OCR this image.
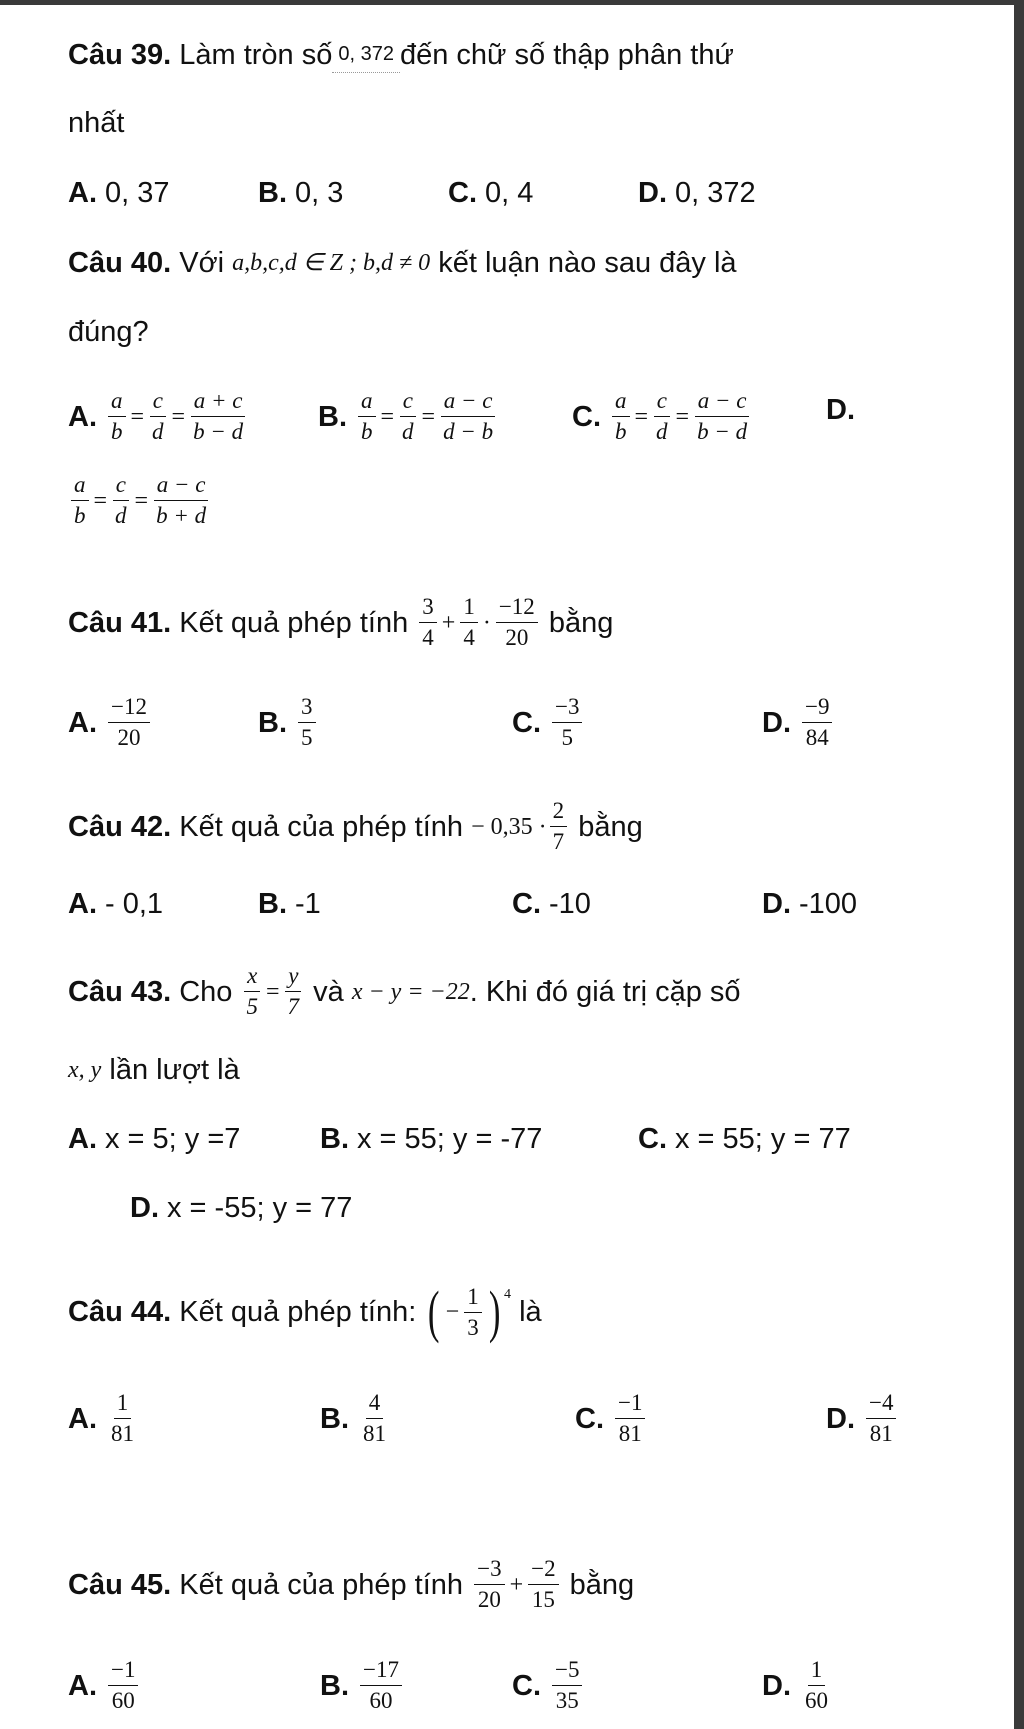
Câu 39.
Làm tròn số 0, 372 đến chữ số thập phân thứ
nhất
A. 0, 37	B. 0, 3	C. 0, 4	D. 0, 372
Câu 40.
Với
a,b,c,d ∈ Z ; b,d ≠ 0
kết luận nào sau đây là
đúng?
A. $\frac{a}{b} = \frac{c}{d} = \frac{a + c}{b - d} B$. $\frac{a}{b} = \frac{c}{d} = \frac{a - c}{d - b}$	C. $\frac{a}{b} = \frac{c}{d} = \frac{a - c}{b - d}$	D.
$\frac{a}{b} = \frac{c}{d} = \frac{a - c}{b + d}$
Câu 41.
Kết quả phép tính
$\frac{3}{4} + \frac{1}{4} \cdot \frac{-12}{20}$
bằng
A. $\frac{-12}{20}$	B. $\frac{3}{5}$	C. $\frac{-3}{5}$	D. $\frac{-9}{84}$
Câu 42.
Kết quả của phép tính
− $0,35 \cdot \frac{2}{7}$
bằng
A. - 0,1	B. -1	C. -10	D. -100
Câu 43.
Cho
$\frac{x}{5} = \frac{y}{7}$
và
x − y = −22 . Khi đó giá trị cặp số
x, y
lần lượt là
A. x = 5; y =7	B. x = 55; y = -77	C. x = 55; y = 77
D. x = -55; y = 77
Câu 44.
Kết quả phép tính:
( − $\frac{1}{3}$ ) 4

là
A. $\frac{1}{81}$	B. $\frac{4}{81}$	C. $\frac{-1}{81}$	D. $\frac{-4}{81}$
Câu 45.
Kết quả của phép tính
$\frac{-3}{20} + \frac{-2}{15}$
bằng
A. $\frac{-1}{60}$	B. $\frac{-17}{60}$	C. $\frac{-5}{35}$	D. $\frac{1}{60}$
